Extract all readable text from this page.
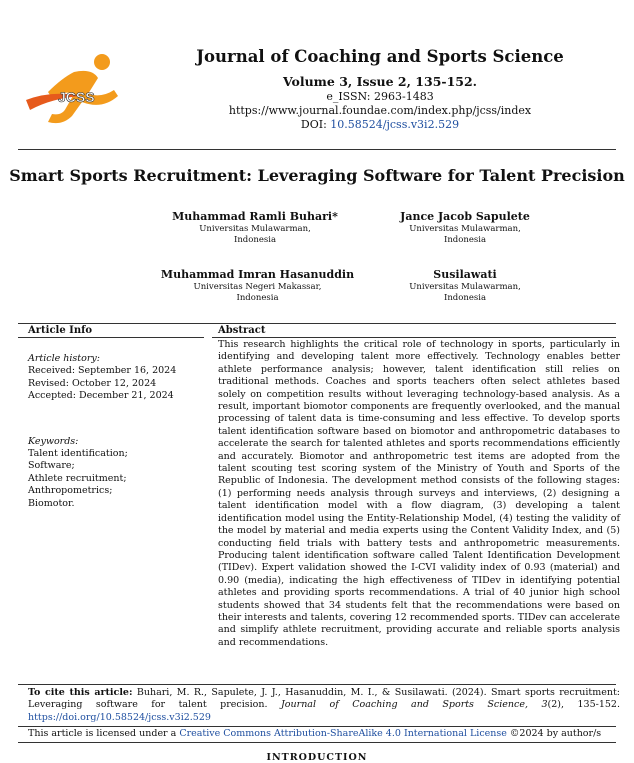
JCSS
Journal of Coaching and Sports Science
Volume 3, Issue 2, 135-152.
e_ISSN: 2963-1483
https://www.journal.foundae.com/index.php/jcss/index
DOI: 10.58524/jcss.v3i2.529
Smart Sports Recruitment: Leveraging Software for Talent Precision
Muhammad Ramli Buhari*
Universitas Mulawarman,
Indonesia
Jance Jacob Sapulete
Universitas Mulawarman,
Indonesia
Muhammad Imran Hasanuddin
Universitas Negeri Makassar,
Indonesia
Susilawati
Universitas Mulawarman,
Indonesia
Article Info
Article history:
Received: September 16, 2024
Revised: October 12, 2024
Accepted: December 21, 2024
Keywords:
Talent identification;
Software;
Athlete recruitment;
Anthropometrics;
Biomotor.
Abstract
This research highlights the critical role of technology in sports, particularly in identifying and developing talent more effectively. Technology enables better athlete performance analysis; however, talent identification still relies on traditional methods. Coaches and sports teachers often select athletes based solely on competition results without leveraging technology-based analysis. As a result, important biomotor components are frequently overlooked, and the manual processing of talent data is time-consuming and less effective. To develop sports talent identification software based on biomotor and anthropometric databases to accelerate the search for talented athletes and sports recommendations efficiently and accurately. Biomotor and anthropometric test items are adopted from the talent scouting test scoring system of the Ministry of Youth and Sports of the Republic of Indonesia. The development method consists of the following stages: (1) performing needs analysis through surveys and interviews, (2) designing a talent identification model with a flow diagram, (3) developing a talent identification model using the Entity-Relationship Model, (4) testing the validity of the model by material and media experts using the Content Validity Index, and (5) conducting field trials with battery tests and anthropometric measurements. Producing talent identification software called Talent Identification Development (TIDev). Expert validation showed the I-CVI validity index of 0.93 (material) and 0.90 (media), indicating the high effectiveness of TIDev in identifying potential athletes and providing sports recommendations. A trial of 40 junior high school students showed that 34 students felt that the recommendations were based on their interests and talents, covering 12 recommended sports. TIDev can accelerate and simplify athlete recruitment, providing accurate and reliable sports analysis and recommendations.
To cite this article: Buhari, M. R., Sapulete, J. J., Hasanuddin, M. I., & Susilawati. (2024). Smart sports recruitment: Leveraging software for talent precision. Journal of Coaching and Sports Science, 3(2), 135-152. https://doi.org/10.58524/jcss.v3i2.529
This article is licensed under a Creative Commons Attribution-ShareAlike 4.0 International License ©2024 by author/s
INTRODUCTION
